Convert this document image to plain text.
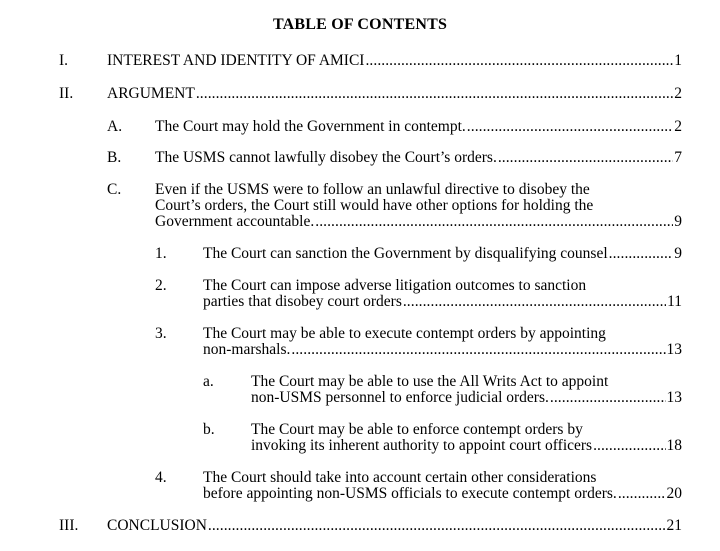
TABLE OF CONTENTS
I.	INTEREST AND IDENTITY OF AMICI . . .	1
II. ARGUMENT . . .	2
A. The Court may hold the Government in contempt. . . .	2
B. The USMS cannot lawfully disobey the Court’s orders. . . .	7
C. Even if the USMS were to follow an unlawful directive to disobey the
Court’s orders, the Court still would have other options for holding the
Government accountable. . . .	9
1. The Court can sanction the Government by disqualifying counsel . . .	9
2. The Court can impose adverse litigation outcomes to sanction
parties that disobey court orders . . .	11
3. The Court may be able to execute contempt orders by appointing
non-marshals. . . .	13
a. The Court may be able to use the All Writs Act to appoint
non-USMS personnel to enforce judicial orders. . . .	13
b. The Court may be able to enforce contempt orders by
invoking its inherent authority to appoint court officers . . .	18
4. The Court should take into account certain other considerations
before appointing non-USMS officials to execute contempt orders. . . .	20
III. CONCLUSION . . .	21
